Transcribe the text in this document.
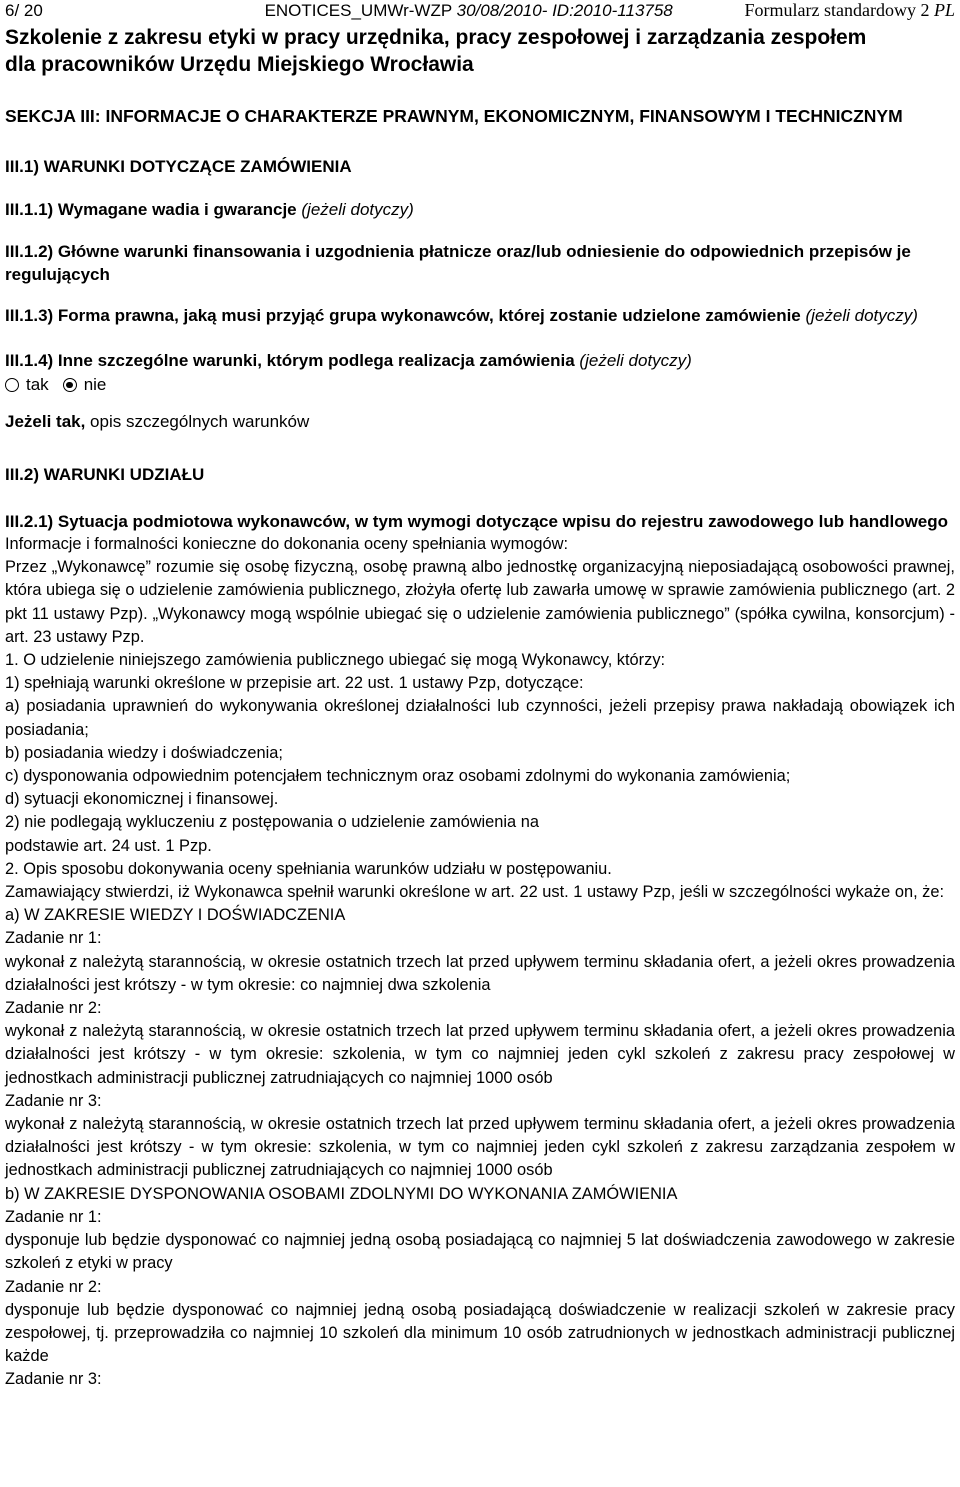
6/ 20	ENOTICES_UMWr-WZP 30/08/2010- ID:2010-113758	Formularz standardowy 2 PL
Szkolenie z zakresu etyki w pracy urzędnika, pracy zespołowej i zarządzania zespołem
dla pracowników Urzędu Miejskiego Wrocławia
SEKCJA III: INFORMACJE O CHARAKTERZE PRAWNYM, EKONOMICZNYM, FINANSOWYM I TECHNICZNYM
III.1) WARUNKI DOTYCZĄCE ZAMÓWIENIA
III.1.1) Wymagane wadia i gwarancje (jeżeli dotyczy)
III.1.2) Główne warunki finansowania i uzgodnienia płatnicze oraz/lub odniesienie do odpowiednich przepisów je regulujących
III.1.3) Forma prawna, jaką musi przyjąć grupa wykonawców, której zostanie udzielone zamówienie (jeżeli dotyczy)
III.1.4) Inne szczególne warunki, którym podlega realizacja zamówienia (jeżeli dotyczy)
tak nie
Jeżeli tak, opis szczególnych warunków
III.2) WARUNKI UDZIAŁU
III.2.1) Sytuacja podmiotowa wykonawców, w tym wymogi dotyczące wpisu do rejestru zawodowego lub handlowego

Informacje i formalności konieczne do dokonania oceny spełniania wymogów:

Przez „Wykonawcę” rozumie się osobę fizyczną, osobę prawną albo jednostkę organizacyjną nieposiadającą osobowości prawnej, która ubiega się o udzielenie zamówienia publicznego, złożyła ofertę lub zawarła umowę w sprawie zamówienia publicznego (art. 2 pkt 11 ustawy Pzp). „Wykonawcy mogą wspólnie ubiegać się o udzielenie zamówienia publicznego” (spółka cywilna, konsorcjum) - art. 23 ustawy Pzp.

1. O udzielenie niniejszego zamówienia publicznego ubiegać się mogą Wykonawcy, którzy:

1) spełniają warunki określone w przepisie art. 22 ust. 1 ustawy Pzp, dotyczące:

a) posiadania uprawnień do wykonywania określonej działalności lub czynności, jeżeli przepisy prawa nakładają obowiązek ich posiadania;

b) posiadania wiedzy i doświadczenia;

c) dysponowania odpowiednim potencjałem technicznym oraz osobami zdolnymi do wykonania zamówienia;

d) sytuacji ekonomicznej i finansowej.

2) nie podlegają wykluczeniu z postępowania o udzielenie zamówienia na

podstawie art. 24 ust. 1 Pzp.

2. Opis sposobu dokonywania oceny spełniania warunków udziału w postępowaniu.

Zamawiający stwierdzi, iż Wykonawca spełnił warunki określone w art. 22 ust. 1 ustawy Pzp, jeśli w szczególności wykaże on, że:

a) W ZAKRESIE WIEDZY I DOŚWIADCZENIA

Zadanie nr 1:

wykonał z należytą starannością, w okresie ostatnich trzech lat przed upływem terminu składania ofert, a jeżeli okres prowadzenia działalności jest krótszy - w tym okresie: co najmniej dwa szkolenia

Zadanie nr 2:

wykonał z należytą starannością, w okresie ostatnich trzech lat przed upływem terminu składania ofert, a jeżeli okres prowadzenia działalności jest krótszy - w tym okresie: szkolenia, w tym co najmniej jeden cykl szkoleń z zakresu pracy zespołowej w jednostkach administracji publicznej zatrudniających co najmniej 1000 osób

Zadanie nr 3:

wykonał z należytą starannością, w okresie ostatnich trzech lat przed upływem terminu składania ofert, a jeżeli okres prowadzenia działalności jest krótszy - w tym okresie: szkolenia, w tym co najmniej jeden cykl szkoleń z zakresu zarządzania zespołem w jednostkach administracji publicznej zatrudniających co najmniej 1000 osób

b) W ZAKRESIE DYSPONOWANIA OSOBAMI ZDOLNYMI DO WYKONANIA ZAMÓWIENIA

Zadanie nr 1:

dysponuje lub będzie dysponować co najmniej jedną osobą posiadającą co najmniej 5 lat doświadczenia zawodowego w zakresie szkoleń z etyki w pracy

Zadanie nr 2:

dysponuje lub będzie dysponować co najmniej jedną osobą posiadającą doświadczenie w realizacji szkoleń w zakresie pracy zespołowej, tj. przeprowadziła co najmniej 10 szkoleń dla minimum 10 osób zatrudnionych w jednostkach administracji publicznej każde

Zadanie nr 3:
